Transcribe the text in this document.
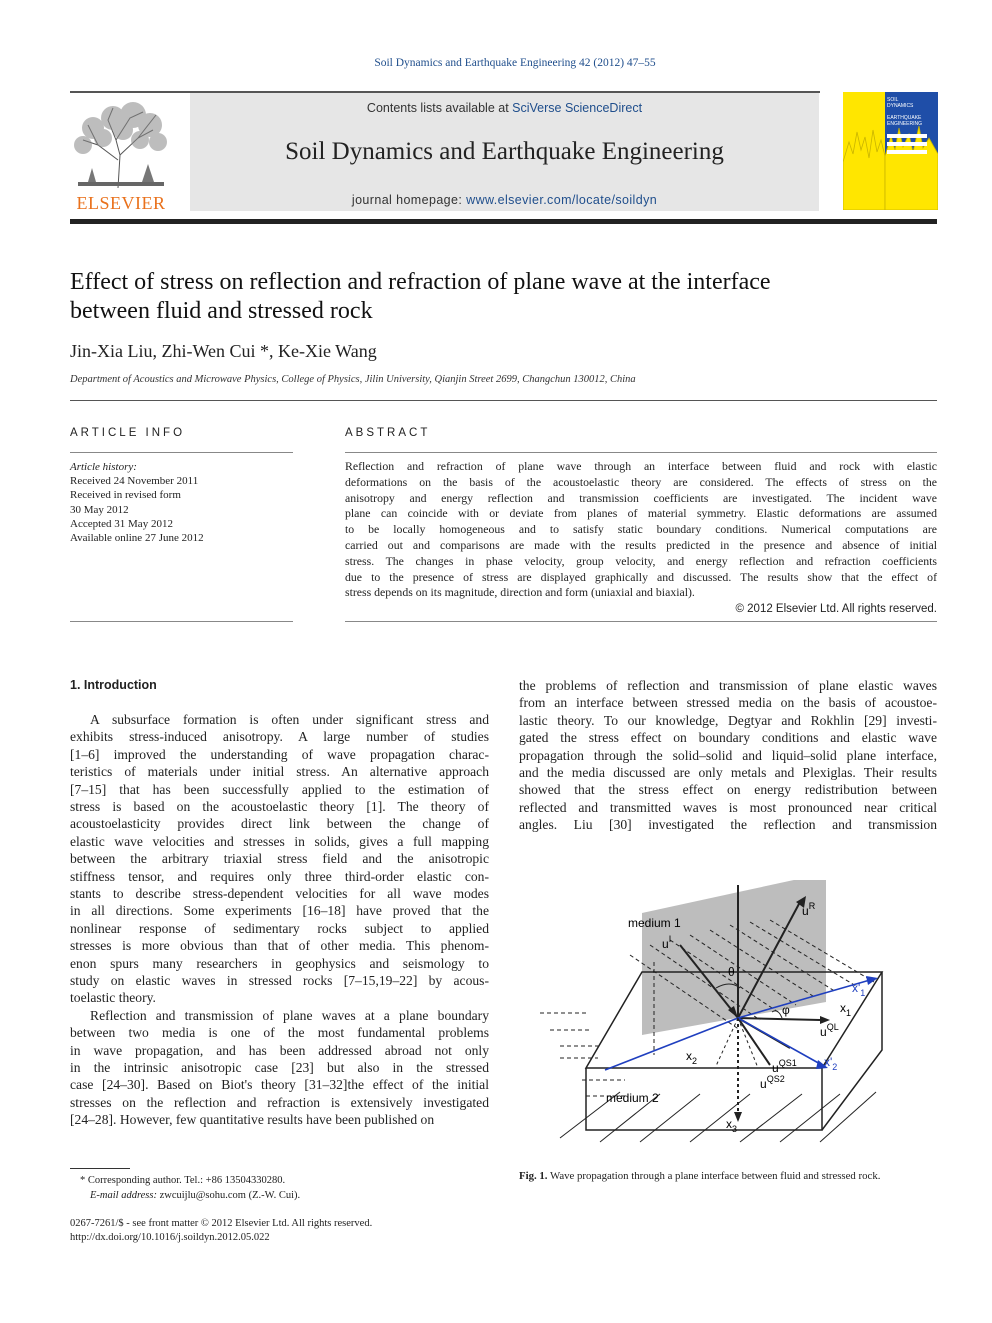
Soil Dynamics and Earthquake Engineering 42 (2012) 47–55
ELSEVIER
Contents lists available at SciVerse ScienceDirect
Soil Dynamics and Earthquake Engineering
journal homepage: www.elsevier.com/locate/soildyn
SOIL
DYNAMICS
EARTHQUAKE
ENGINEERING
Effect of stress on reflection and refraction of plane wave at the interface
between fluid and stressed rock
Jin-Xia Liu, Zhi-Wen Cui *, Ke-Xie Wang
Department of Acoustics and Microwave Physics, College of Physics, Jilin University, Qianjin Street 2699, Changchun 130012, China
ARTICLE INFO
Article history:
Received 24 November 2011
Received in revised form
30 May 2012
Accepted 31 May 2012
Available online 27 June 2012
ABSTRACT
Reflection and refraction of plane wave through an interface between fluid and rock with elastic
deformations on the basis of the acoustoelastic theory are considered. The effects of stress on the
anisotropy and energy reflection and transmission coefficients are investigated. The incident wave
plane can coincide with or deviate from planes of material symmetry. Elastic deformations are assumed
to be locally homogeneous and to satisfy static boundary conditions. Numerical computations are
carried out and comparisons are made with the results predicted in the presence and absence of initial
stress. The changes in phase velocity, group velocity, and energy reflection and refraction coefficients
due to the presence of stress are displayed graphically and discussed. The results show that the effect of
stress depends on its magnitude, direction and form (uniaxial and biaxial).
© 2012 Elsevier Ltd. All rights reserved.
1. Introduction
A subsurface formation is often under significant stress and
exhibits stress-induced anisotropy. A large number of studies
[1–6] improved the understanding of wave propagation charac-
teristics of materials under initial stress. An alternative approach
[7–15] that has been successfully applied to the estimation of
stress is based on the acoustoelastic theory [1]. The theory of
acoustoelasticity provides direct link between the change of
elastic wave velocities and stresses in solids, gives a full mapping
between the arbitrary triaxial stress field and the anisotropic
stiffness tensor, and requires only three third-order elastic con-
stants to describe stress-dependent velocities for all wave modes
in all directions. Some experiments [16–18] have proved that the
nonlinear response of sedimentary rocks subject to applied
stresses is more obvious than that of other media. This phenom-
enon spurs many researchers in geophysics and seismology to
study on elastic waves in stressed rocks [7–15,19–22] by acous-
toelastic theory.
Reflection and transmission of plane waves at a plane boundary
between two media is one of the most fundamental problems
in wave propagation, and has been addressed abroad not only
in the intrinsic anisotropic case [23] but also in the stressed
case [24–30]. Based on Biot's theory [31–32]the effect of the initial
stresses on the reflection and refraction is extensively investigated
[24–28]. However, few quantitative results have been published on
the problems of reflection and transmission of plane elastic waves
from an interface between stressed media on the basis of acoustoe-
lastic theory. To our knowledge, Degtyar and Rokhlin [29] investi-
gated the stress effect on boundary conditions and elastic wave
propagation through the solid–solid and liquid–solid plane interface,
and the media discussed are only metals and Plexiglas. Their results
showed that the stress effect on energy redistribution between
reflected and transmitted waves is most pronounced near critical
angles. Liu [30] investigated the reflection and transmission
medium 1
medium 2
$u^R$
$u^I$
θ
φ
$x'_1$
$x_1$
$u^{QL}$
$x_2$	$u^{QS1}$
$u^{QS2}$
$x'_2$
$x_3$
Fig. 1. Wave propagation through a plane interface between fluid and stressed rock.
* Corresponding author. Tel.: +86 13504330280.
E-mail address: zwcuijlu@sohu.com (Z.-W. Cui).
0267-7261/$ - see front matter © 2012 Elsevier Ltd. All rights reserved.
http://dx.doi.org/10.1016/j.soildyn.2012.05.022
